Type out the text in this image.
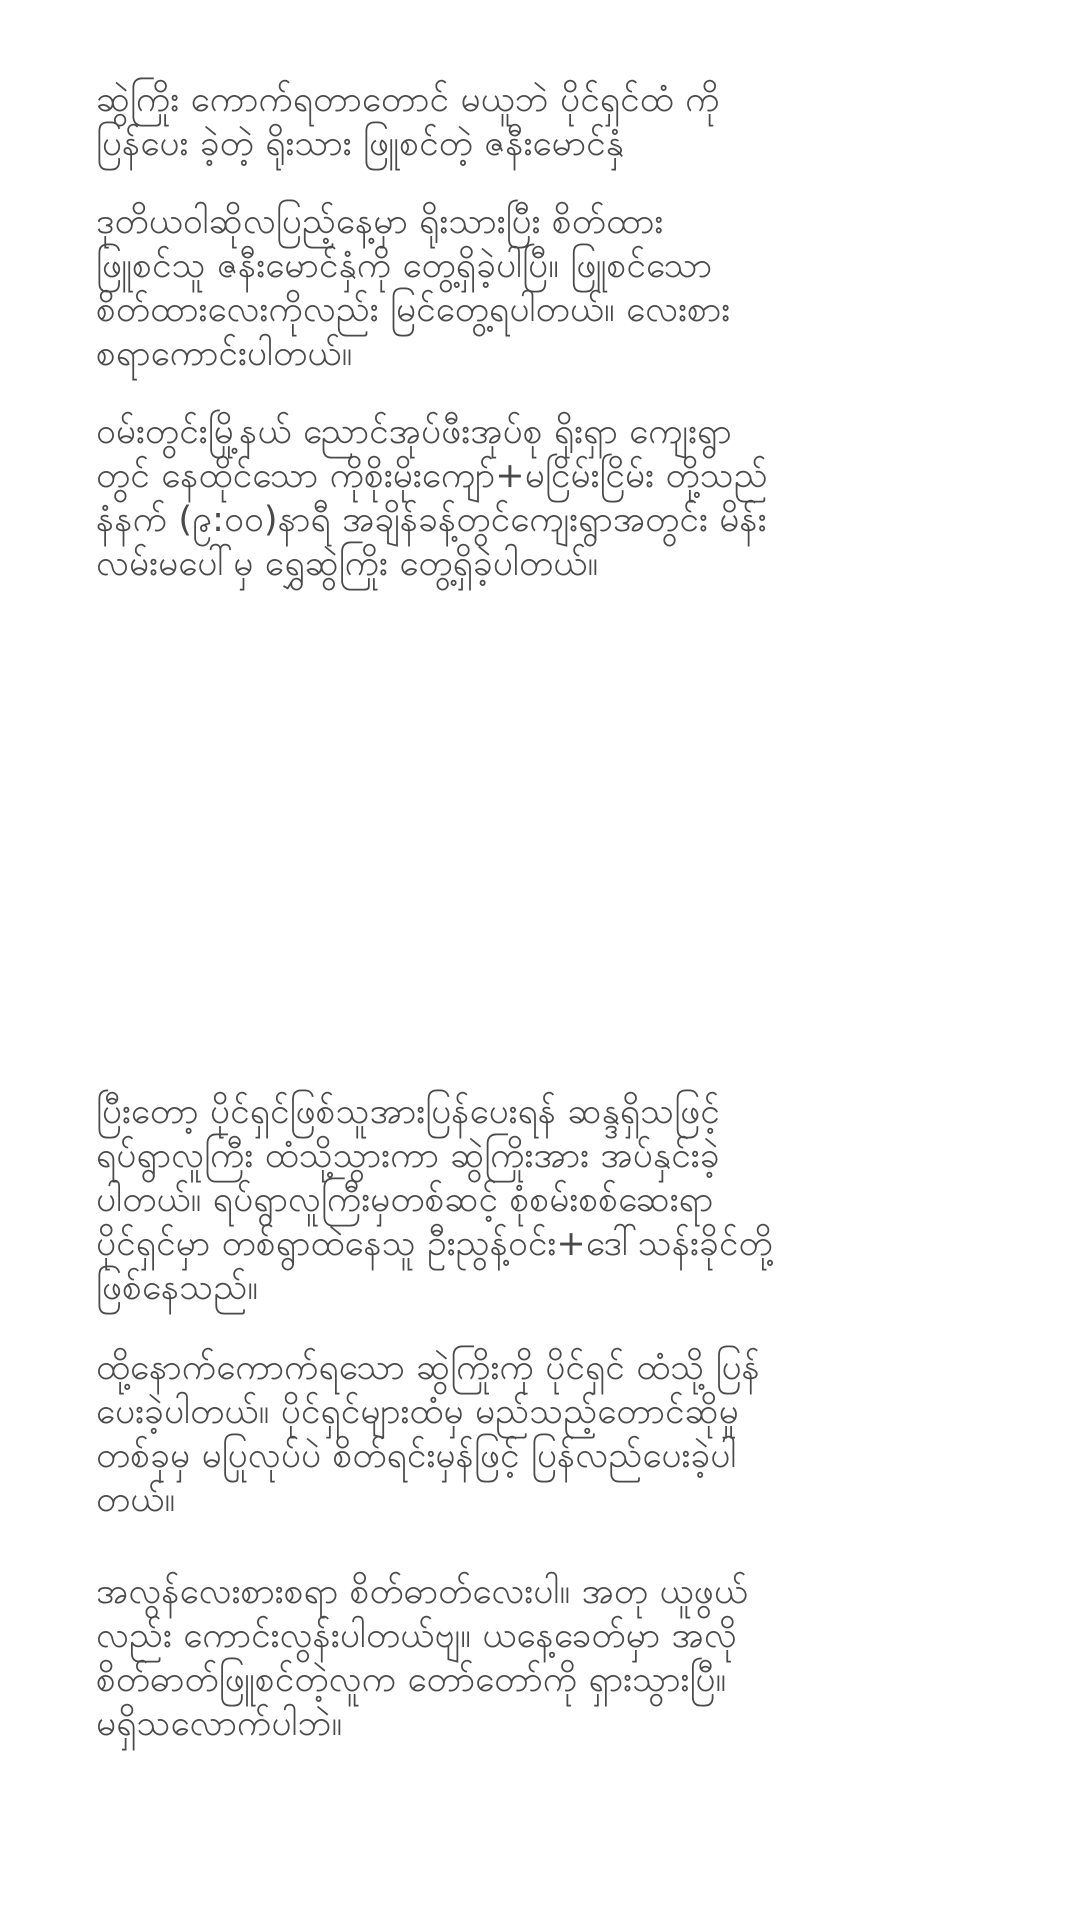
ဆွဲကြိုး ကောက်ရတာတောင် မယူဘဲ ပိုင်ရှင်ထံ ကို
ပြန်ပေး ခဲ့တဲ့ ရိုးသား ဖြူစင်တဲ့ ဇနီးမောင်နှံ

ဒုတိယဝါဆိုလပြည့်နေ့မှာ ရိုးသားပြီး စိတ်ထား
ဖြူစင်သူ ဇနီးမောင်နှံကို တွေ့ရှိခဲ့ပါပြီ။ ဖြူစင်သော
စိတ်ထားလေးကိုလည်း မြင်တွေ့ရပါတယ်။ လေးစား
စရာကောင်းပါတယ်။

ဝမ်းတွင်းမြို့နယ် ညောင်အုပ်ဖီးအုပ်စု ရိုးရှာ ကျေးရွာ
တွင် နေထိုင်သော ကိုစိုးမိုးကျော်+မငြိမ်းငြိမ်း တို့သည်
နံနက် (၉:၀၀)နာရီ အချိန်ခန့်တွင်ကျေးရွာအတွင်း မိန်း
လမ်းမပေါ်မှ ရွှေဆွဲကြိုး တွေ့ရှိခဲ့ပါတယ်။

ပြီးတော့ ပိုင်ရှင်ဖြစ်သူအားပြန်ပေးရန် ဆန္ဒရှိသဖြင့်
ရပ်ရွာလူကြီး ထံသို့သွားကာ ဆွဲကြိုးအား အပ်နှင်းခဲ့
ပါတယ်။ ရပ်ရွာလူကြီးမှတစ်ဆင့် စုံစမ်းစစ်ဆေးရာ
ပိုင်ရှင်မှာ တစ်ရွာထဲနေသူ ဦးညွန့်ဝင်း+ဒေါ်သန်းခိုင်တို့
ဖြစ်နေသည်။

ထို့နောက်ကောက်ရသော ဆွဲကြိုးကို ပိုင်ရှင် ထံသို့ ပြန်
ပေးခဲ့ပါတယ်။ ပိုင်ရှင်များထံမှ မည်သည့်တောင်ဆိုမှု
တစ်ခုမှ မပြုလုပ်ပဲ စိတ်ရင်းမှန်ဖြင့် ပြန်လည်ပေးခဲ့ပါ
တယ်။

အလွန်လေးစားစရာ စိတ်ဓာတ်လေးပါ။ အတု ယူဖွယ်
လည်း ကောင်းလွန်းပါတယ်ဗျ။ ယနေ့ခေတ်မှာ အလို
စိတ်ဓာတ်ဖြူစင်တဲ့လူက တော်တော်ကို ရှားသွားပြီ။
မရှိသလောက်ပါဘဲ။
